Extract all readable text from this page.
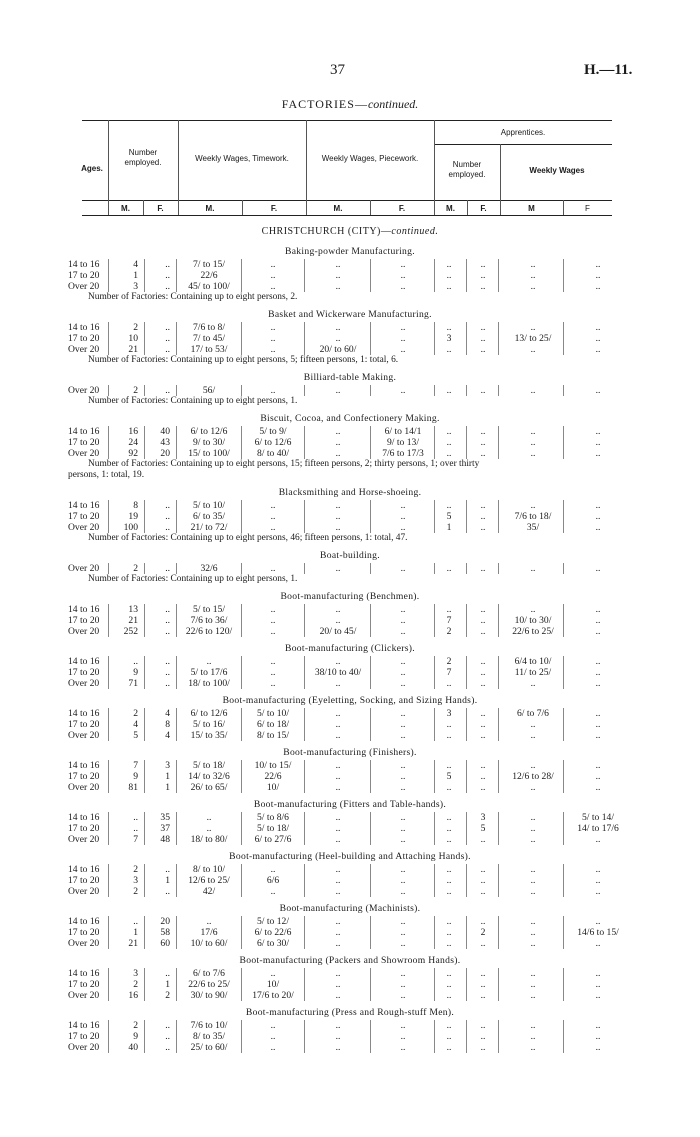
37	H.—11.
FACTORIES—continued.
Ages.
Number employed.	Weekly Wages, Timework.	Weekly Wages, Piecework.
Apprentices.
Number employed.	Weekly Wages
M.	F.	M.	F.	M.	F.	M.	F.	M	F
CHRISTCHURCH (CITY)—continued.
Baking-powder Manufacturing.
14 to 16	4	..	7/ to 15/	..	..	..	..	..	..	..
17 to 20	1	..	22/6	..	..	..	..	..	..	..
Over 20	3	..	45/ to 100/	..	..	..	..	..	..	..
Number of Factories: Containing up to eight persons, 2.
Basket and Wickerware Manufacturing.
14 to 16	2	..	7/6 to 8/	..	..	..	..	..	..	..
17 to 20	10	..	7/ to 45/	..	..	..	3	..	13/ to 25/	..
Over 20	21	..	17/ to 53/	..	20/ to 60/	..	..	..	..	..
Number of Factories: Containing up to eight persons, 5; fifteen persons, 1: total, 6.
Billiard-table Making.
Over 20	2	..	56/	..	..	..	..	..	..	..
Number of Factories: Containing up to eight persons, 1.
Biscuit, Cocoa, and Confectionery Making.
14 to 16	16	40	6/ to 12/6	5/ to 9/	..	6/ to 14/1	..	..	..	..
17 to 20	24	43	9/ to 30/	6/ to 12/6	..	9/ to 13/	..	..	..	..
Over 20	92	20	15/ to 100/	8/ to 40/	..	7/6 to 17/3	..	..	..	..
Number of Factories: Containing up to eight persons, 15; fifteen persons, 2; thirty persons, 1; over thirty
persons, 1: total, 19.
Blacksmithing and Horse-shoeing.
14 to 16	8	..	5/ to 10/	..	..	..	..	..	..	..
17 to 20	19	..	6/ to 35/	..	..	..	5	..	7/6 to 18/	..
Over 20	100	..	21/ to 72/	..	..	..	1	..	35/	..
Number of Factories: Containing up to eight persons, 46; fifteen persons, 1: total, 47.
Boat-building.
Over 20	2	..	32/6	..	..	..	..	..	..	..
Number of Factories: Containing up to eight persons, 1.
Boot-manufacturing (Benchmen).
14 to 16	13	..	5/ to 15/	..	..	..	..	..	..	..
17 to 20	21	..	7/6 to 36/	..	..	..	7	..	10/ to 30/	..
Over 20	252	..	22/6 to 120/	..	20/ to 45/	..	2	..	22/6 to 25/	..
Boot-manufacturing (Clickers).
14 to 16	..	..	..	..	..	..	2	..	6/4 to 10/	..
17 to 20	9	..	5/ to 17/6	..	38/10 to 40/	..	7	..	11/ to 25/	..
Over 20	71	..	18/ to 100/	..	..	..	..	..	..	..
Boot-manufacturing (Eyeletting, Socking, and Sizing Hands).
14 to 16	2	4	6/ to 12/6	5/ to 10/	..	..	3	..	6/ to 7/6	..
17 to 20	4	8	5/ to 16/	6/ to 18/	..	..	..	..	..	..
Over 20	5	4	15/ to 35/	8/ to 15/	..	..	..	..	..	..
Boot-manufacturing (Finishers).
14 to 16	7	3	5/ to 18/	10/ to 15/	..	..	..	..	..	..
17 to 20	9	1	14/ to 32/6	22/6	..	..	5	..	12/6 to 28/	..
Over 20	81	1	26/ to 65/	10/	..	..	..	..	..	..
Boot-manufacturing (Fitters and Table-hands).
14 to 16	..	35	..	5/ to 8/6	..	..	..	3	..	5/ to 14/
17 to 20	..	37	..	5/ to 18/	..	..	..	5	..	14/ to 17/6
Over 20	7	48	18/ to 80/	6/ to 27/6	..	..	..	..	..	..
Boot-manufacturing (Heel-building and Attaching Hands).
14 to 16	2	..	8/ to 10/	..	..	..	..	..	..	..
17 to 20	3	1	12/6 to 25/	6/6	..	..	..	..	..	..
Over 20	2	..	42/	..	..	..	..	..	..	..
Boot-manufacturing (Machinists).
14 to 16	..	20	..	5/ to 12/	..	..	..	..	..	..
17 to 20	1	58	17/6	6/ to 22/6	..	..	..	2	..	14/6 to 15/
Over 20	21	60	10/ to 60/	6/ to 30/	..	..	..	..	..	..
Boot-manufacturing (Packers and Showroom Hands).
14 to 16	3	..	6/ to 7/6	..	..	..	..	..	..	..
17 to 20	2	1	22/6 to 25/	10/	..	..	..	..	..	..
Over 20	16	2	30/ to 90/	17/6 to 20/	..	..	..	..	..	..
Boot-manufacturing (Press and Rough-stuff Men).
14 to 16	2	..	7/6 to 10/	..	..	..	..	..	..	..
17 to 20	9	..	8/ to 35/	..	..	..	..	..	..	..
Over 20	40	..	25/ to 60/	..	..	..	..	..	..	..
